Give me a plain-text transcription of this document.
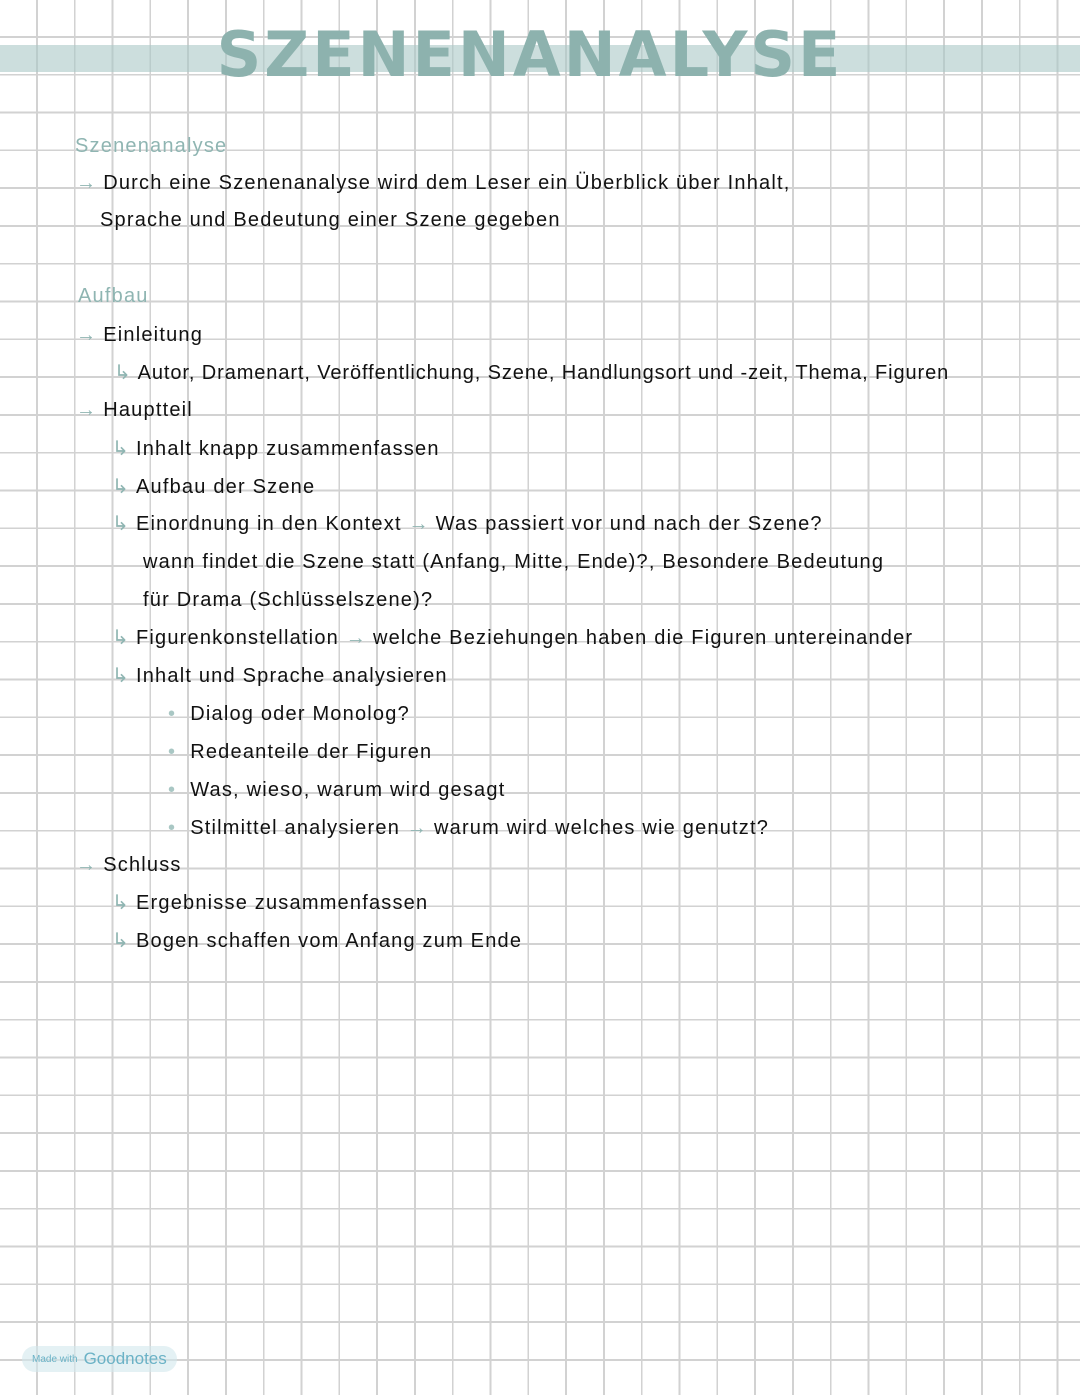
SZENENANALYSE
Szenenanalyse
→ Durch eine Szenenanalyse wird dem Leser ein Überblick über Inhalt,
Sprache und Bedeutung einer Szene gegeben
Aufbau
→ Einleitung
↳ Autor, Dramenart, Veröffentlichung, Szene, Handlungsort und -zeit, Thema, Figuren
→ Hauptteil
↳ Inhalt knapp zusammenfassen
↳ Aufbau der Szene
↳ Einordnung in den Kontext → Was passiert vor und nach der Szene?
wann findet die Szene statt (Anfang, Mitte, Ende)?, Besondere Bedeutung
für Drama (Schlüsselszene)?
↳ Figurenkonstellation → welche Beziehungen haben die Figuren untereinander
↳ Inhalt und Sprache analysieren
• Dialog oder Monolog?
• Redeanteile der Figuren
• Was, wieso, warum wird gesagt
• Stilmittel analysieren → warum wird welches wie genutzt?
→ Schluss
↳ Ergebnisse zusammenfassen
↳ Bogen schaffen vom Anfang zum Ende
Made with Goodnotes
